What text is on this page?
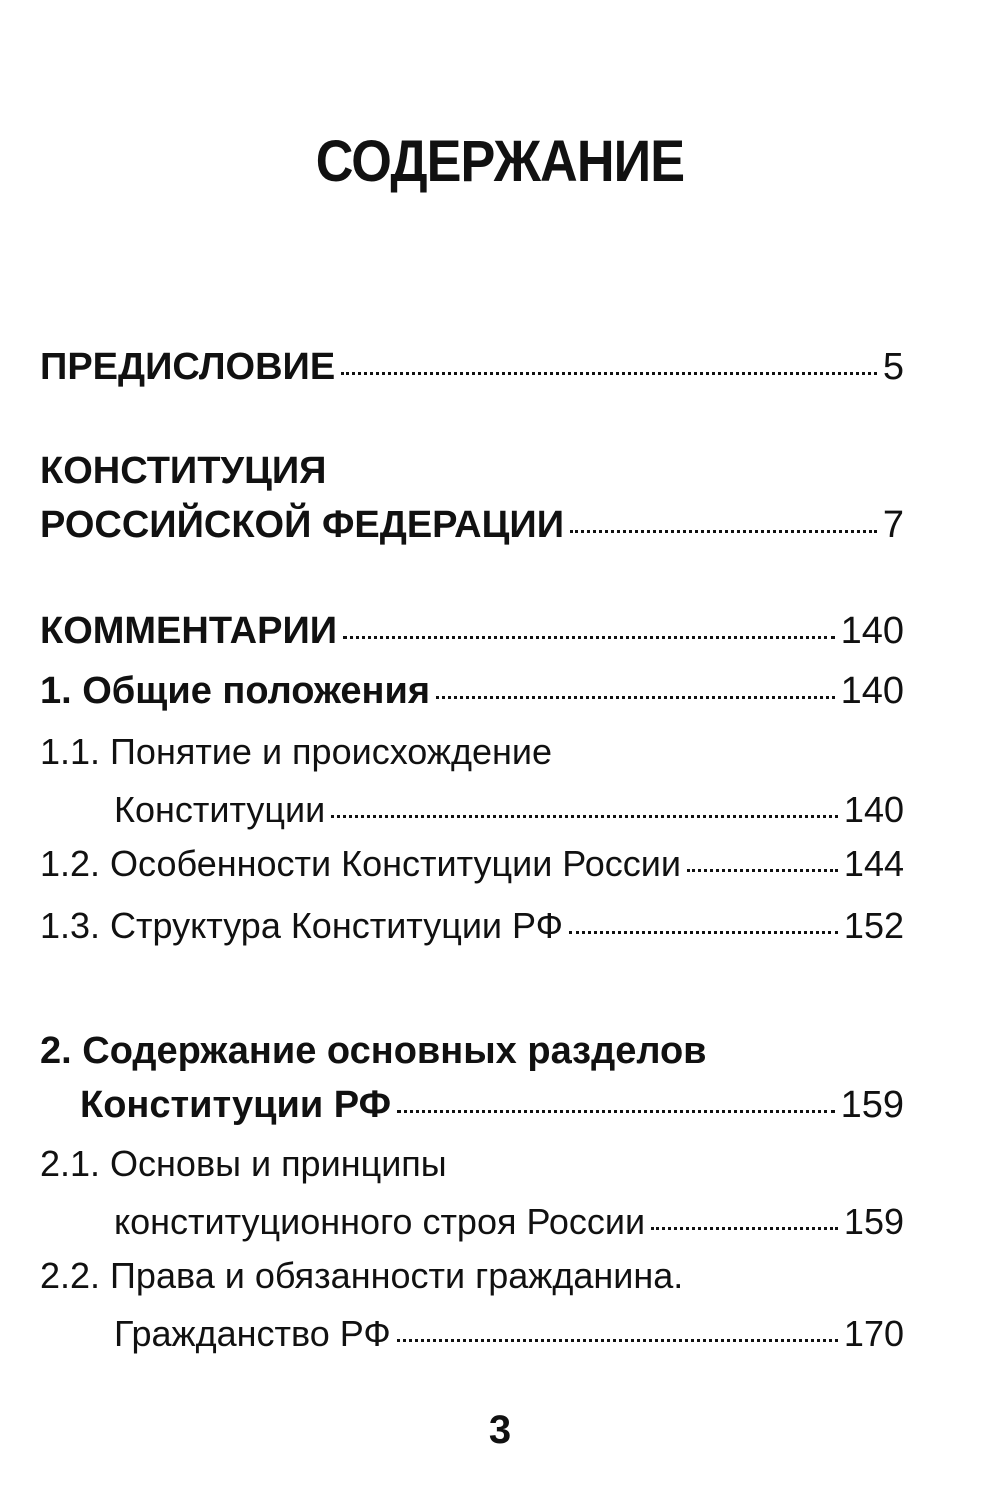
СОДЕРЖАНИЕ
ПРЕДИСЛОВИЕ	5
КОНСТИТУЦИЯ
РОССИЙСКОЙ ФЕДЕРАЦИИ	7
КОММЕНТАРИИ	140
1. Общие положения	140
1.1. Понятие и происхождение
Конституции	140
1.2. Особенности Конституции России	144
1.3. Структура Конституции РФ	152
2. Содержание основных разделов
Конституции РФ	159
2.1. Основы и принципы
конституционного строя России	159
2.2. Права и обязанности гражданина.
Гражданство РФ	170
3
